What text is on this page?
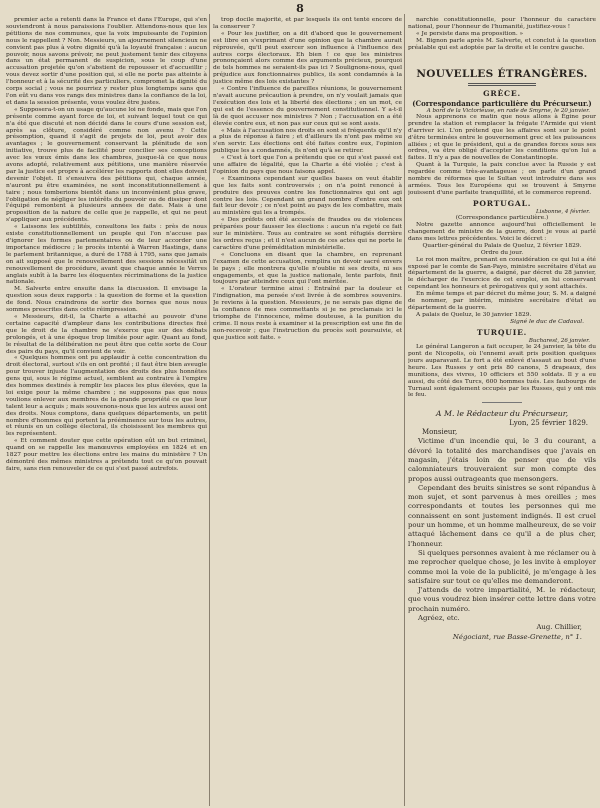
8

premier acte a retenti dans la France et dans l'Europe, qui s'en souviendront à nous paraissions l'oublier. Attendons-nous que les pétitions de nos communes, que la voix impuissante de l'opinion nous le rappellent ? Non. Messieurs, un ajournement silencieux ne convient pas plus à votre dignité qu'à la loyauté française : aucun pouvoir, nous savons prévoir, ne peut justement tenir des citoyens dans un état permanent de suspicion, sous le coup d'une accusation projetée qu'on s'abstient de repousser et d'accueillir ; vous devez sortir d'une position qui, si elle ne porte pas atteinte à l'honneur et à la sécurité des particuliers, compromet la dignité du corps social ; vous ne pourriez y rester plus longtemps sans que l'on eût vu dans vos rangs des ministres dans la confiance de la loi, et dans la session présente, vous voulez être justes.

« Supposera-t-on un usage qu'aucune loi ne fonde, mais que l'on présente comme ayant force de loi, et suivant lequel tout ce qui n'a été que discuté et non décidé dans le cours d'une session est, après sa clôture, considéré comme non avenu ? Cette présomption, quand il s'agit de projets de loi, peut avoir des avantages ; le gouvernement conservant la plénitude de son initiative, trouve plus de facilité pour concilier ses conceptions avec les vœux émis dans les chambres, jusque-là ce que nous avons adopté, relativement aux pétitions, une manière réservée par la justice est propre à accélérer les rapports dont elles doivent devenir l'objet. Il s'ensuivra des pétitions qui, chaque année, n'auront pu être examinées, ne sont inconstitutionnellement à taire ; nous tomberions bientôt dans un inconvénient plus grave, l'obligation de négliger les intérêts du pouvoir ou de dissiper dont l'équipé remontent à plusieurs années de date. Mais à une proposition de la nature de celle que je rappelle, et qui ne peut s'appliquer aux précédents.

« Laissons les subtilités, consultons les faits : près de nous existe constitutionnellement un peuple qui l'on n'accuse pas d'ignorer les formes parlementaires ou de leur accorder une importance médiocre ; le procès intenté à Warren Hastings, dans le parlement britannique, a duré de 1788 à 1795, sans que jamais on ait supposé que le renouvellement des sessions nécessitât un renouvellement de procédure, avant que chaque année le Verres anglais subît à la barre les éloquentes récriminations de la justice nationale.

M. Salverte entre ensuite dans la discussion. Il envisage la question sous deux rapports : la question de forme et la question de fond. Nous craindrons de sortir des bornes que nous nous sommes prescrites dans cette réimpression.

« Messieurs, dit-il, la Charte a attaché au pouvoir d'une certaine capacité d'ampleur dans les contributions directes fixé que le droit de la chambre ne s'exerce que sur des débats prolongés, et à une époque trop limitée pour agir. Quant au fond, le résultat de la délibération ne peut être que cette sorte de Cour des pairs du pays, qu'il convient de voir.

« Quelques hommes ont pu applaudir à cette concentration du droit électoral, surtout s'ils en ont profité ; il faut être bien aveugle pour trouver injuste l'augmentation des droits des plus honnêtes gens qui, sous le régime actuel, semblent au contraire à l'empire des hommes destinés à remplir les places les plus élevées, que la loi exige pour la même chambre ; ne supposons pas que nous voulions enlever aux membres de la grande propriété ce que leur talent leur a acquis ; mais souvenons-nous que les autres aussi ont des droits. Nous comptons, dans quelques départements, un petit nombre d'hommes qui portent la prééminence sur tous les autres, et réunis en un collège électoral, ils choisissent les membres qui les représentent.

« Et comment douter que cette opération eût un but criminel, quand on se rappelle les manœuvres employées en 1824 et en 1827 pour mettre les élections entre les mains du ministère ? Un démontré des mêmes ministres a prétendu tout ce qu'on pouvait faire, sans rien renouveler de ce qui s'est passé autrefois.

trop docile majorité, et par lesquels ils ont tenté encore de la conserver ?

« Pour les justifier, on a dit d'abord que le gouvernement est libre en s'exprimant d'une opinion que la chambre aurait réprouvée, qu'il peut exercer son influence à l'influence des autres corps électoraux. Eh bien ! ce que les ministres prononçaient alors comme des arguments précieux, pourquoi de tels hommes ne seraient-ils pas ici ? Soulignons-nous, quel préjudice aux fonctionnaires publics, ils sont condamnés à la justice même des lois existantes ?

« Contre l'influence de pareilles réunions, le gouvernement n'avait aucune précaution à prendre, on n'y voulait jamais que l'exécution des lois et la liberté des élections ; en un mot, ce qui est de l'essence du gouvernement constitutionnel. Y a-t-il là de quoi accuser nos ministres ? Non ; l'accusation en a été élevée contre eux, et non pas sur ceux qui se sont assis.

« Mais à l'accusation nos droits en sont si fréquents qu'il n'y a plus de réponse à faire ; et d'ailleurs ils n'ont pas même su s'en servir. Les élections ont été faites contre eux, l'opinion publique les a condamnés, ils n'ont qu'à se retirer.

« C'est à tort que l'on a prétendu que ce qui s'est passé est une affaire de légalité, que la Charte a été violée ; c'est à l'opinion du pays que nous faisons appel.

« Examinons cependant sur quelles bases on veut établir que les faits sont controversés ; on n'a point renoncé à produire des preuves contre les fonctionnaires qui ont agi contre les lois. Cependant un grand nombre d'entre eux ont fait leur devoir ; ce n'est point au pays de les combattre, mais au ministère qui les a trompés.

« Des préfets ont été accusés de fraudes ou de violences préparées pour fausser les élections : aucun n'a rejeté ce fait sur le ministère. Tous au contraire se sont réfugiés derrière les ordres reçus ; et il n'est aucun de ces actes qui ne porte le caractère d'une préméditation ministérielle.

« Concluons en disant que la chambre, en reprenant l'examen de cette accusation, remplira un devoir sacré envers le pays ; elle montrera qu'elle n'oublie ni ses droits, ni ses engagements, et que la justice nationale, lente parfois, finit toujours par atteindre ceux qui l'ont méritée.

« L'orateur termine ainsi : Entraîné par la douleur et l'indignation, ma pensée s'est livrée à de sombres souvenirs. Je reviens à la question. Messieurs, je ne serais pas digne de la confiance de mes commettants si je ne proclamais ici le triomphe de l'innocence, même douteuse, à la punition du crime. Il nous reste à examiner si la prescription est une fin de non-recevoir ; que l'instruction du procès soit poursuivie, et que justice soit faite. »

narchie constitutionnelle, pour l'honneur du caractère national, pour l'honneur de l'humanité, justifiez-vous !

« Je persiste dans ma proposition. »

M. Bignon parle après M. Salverte, et conclut à la question préalable qui est adoptée par la droite et le centre gauche.

NOUVELLES ÉTRANGÈRES.
GRÈCE.
(Correspondance particulière du Précurseur.)
A bord de la Victorieuse, en rade de Smyrne, le 20 janvier.

Nous apprenons ce matin que nous allons à Égine pour prendre la station et remplacer la frégate l'Armide qui vient d'arriver ici. L'on prétend que les affaires sont sur le point d'être terminées entre le gouvernement grec et les puissances alliées ; et que le président, qui a de grandes forces sous ses ordres, va être obligé d'accepter les conditions qu'on lui a faites. Il n'y a pas de nouvelles de Constantinople.

Quant à la Turquie, la paix conclue avec la Russie y est regardée comme très-avantageuse ; on parle d'un grand nombre de réformes que le Sultan veut introduire dans ses armées. Tous les Européens qui se trouvent à Smyrne jouissent d'une parfaite tranquillité, et le commerce reprend.

PORTUGAL.
Lisbonne, 4 février.
(Correspondance particulière.)

Notre gazette annonce aujourd'hui officiellement le changement de ministre de la guerre, dont je vous ai parlé dans mes lettres précédentes. Voici le décret :

Quartier-général du Palais de Queluz, 2 février 1829.
Ordre du jour.

Le roi mon maître, prenant en considération ce qui lui a été exposé par le comte de San-Payo, ministre secrétaire d'état au département de la guerre, a daigné, par décret du 28 janvier, le décharger de l'exercice de cet emploi, en lui conservant cependant les honneurs et prérogatives qui y sont attachés.

En même temps et par décret du même jour, S. M. a daigné de nommer, par intérim, ministre secrétaire d'état au département de la guerre.

A palais de Queluz, le 30 janvier 1829.

Signé le duc de Cadaval.
TURQUIE.
Bucharest, 26 janvier.

Le général Langeron a fait occuper, le 24 janvier, la tête du pont de Nicopolis, où l'ennemi avait pris position quelques jours auparavant. Le fort a été enlevé d'assaut au bout d'une heure. Les Russes y ont pris 80 canons, 5 drapeaux, des munitions, des vivres, 10 officiers et 550 soldats. Il y a eu aussi, du côté des Turcs, 600 hommes tués. Les faubourgs de Turnaul sont également occupés par les Russes, qui y ont mis le feu.

A M. le Rédacteur du Précurseur,
Lyon, 25 février 1829.
Monsieur,

Victime d'un incendie qui, le 3 du courant, a dévoré la totalité des marchandises que j'avais en magasin, j'étais loin de penser que de vils calomniateurs trouveraient sur mon compte des propos aussi outrageants que mensongers.

Cependant des bruits sinistres se sont répandus à mon sujet, et sont parvenus à mes oreilles ; mes correspondants et toutes les personnes qui me connaissent en sont justement indignés. Il est cruel pour un homme, et un homme malheureux, de se voir attaqué lâchement dans ce qu'il a de plus cher, l'honneur.

Si quelques personnes avaient à me réclamer ou à me reprocher quelque chose, je les invite à employer comme moi la voie de la publicité, je m'engage à les satisfaire sur tout ce qu'elles me demanderont.

J'attends de votre impartialité, M. le rédacteur, que vous voudrez bien insérer cette lettre dans votre prochain numéro.

Agréez, etc.

Aug. Chillier,

Négociant, rue Basse-Grenette, n° 1.
